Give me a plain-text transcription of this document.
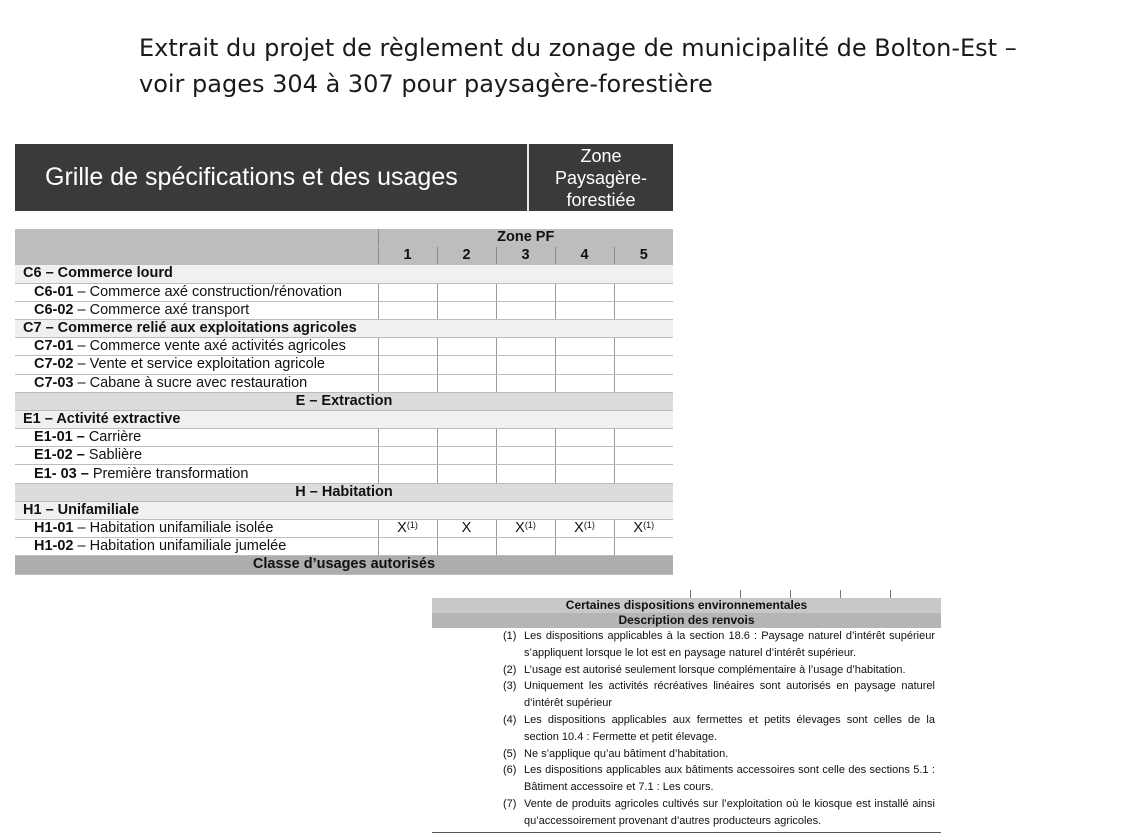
Extrait du projet de règlement du zonage de municipalité de Bolton-Est –
voir pages 304 à 307 pour paysagère-forestière
Grille de spécifications et des usages
Zone
Paysagère-
forestiée
	Zone PF				
	1	2	3	4	5
C6 – Commerce lourd					
C6-01 – Commerce axé construction/rénovation					
C6-02 – Commerce axé transport					
C7 – Commerce relié aux exploitations agricoles					
C7-01 – Commerce vente axé activités agricoles					
C7-02 – Vente et service exploitation agricole					
C7-03 – Cabane à sucre avec restauration					
E – Extraction					
E1 – Activité extractive					
E1-01 – Carrière					
E1-02 – Sablière					
E1- 03 – Première transformation					
H – Habitation					
H1 – Unifamiliale					
H1-01 – Habitation unifamiliale isolée	$X^{(1)}$	X	$X^{(1)}$	$X^{(1)}$	$X^{(1)}$
H1-02 – Habitation unifamiliale jumelée					
Classe d’usages autorisés					
Certaines dispositions environnementales
Description des renvois
(1) Les dispositions applicables à la section 18.6 : Paysage naturel d’intérêt supérieur s’appliquent lorsque le lot est en paysage naturel d’intérêt supérieur.
(2) L’usage est autorisé seulement lorsque complémentaire à l’usage d’habitation.
(3) Uniquement les activités récréatives linéaires sont autorisés en paysage naturel d’intérêt supérieur
(4) Les dispositions applicables aux fermettes et petits élevages sont celles de la section 10.4 : Fermette et petit élevage.
(5) Ne s’applique qu’au bâtiment d’habitation.
(6) Les dispositions applicables aux bâtiments accessoires sont celle des sections 5.1 : Bâtiment accessoire et 7.1 : Les cours.
(7) Vente de produits agricoles cultivés sur l’exploitation où le kiosque est installé ainsi qu’accessoirement provenant d’autres producteurs agricoles.
